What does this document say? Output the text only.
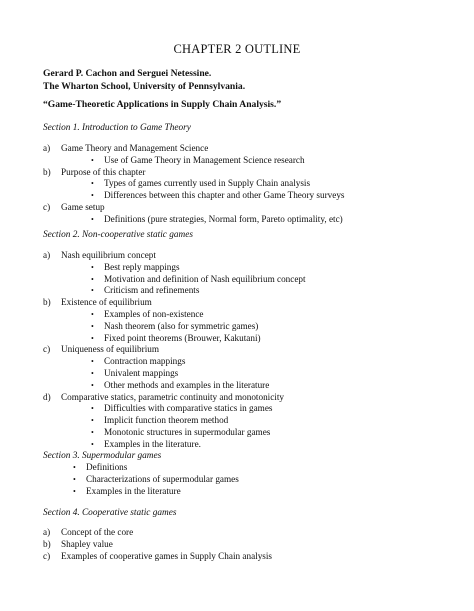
CHAPTER 2 OUTLINE
Gerard P. Cachon and Serguei Netessine.
The Wharton School, University of Pennsylvania.
“Game-Theoretic Applications in Supply Chain Analysis.”
Section 1. Introduction to Game Theory
a) Game Theory and Management Science
• Use of Game Theory in Management Science research
b) Purpose of this chapter
• Types of games currently used in Supply Chain analysis
• Differences between this chapter and other Game Theory surveys
c) Game setup
• Definitions (pure strategies, Normal form, Pareto optimality, etc)
Section 2. Non-cooperative static games
a) Nash equilibrium concept
• Best reply mappings
• Motivation and definition of Nash equilibrium concept
• Criticism and refinements
b) Existence of equilibrium
• Examples of non-existence
• Nash theorem (also for symmetric games)
• Fixed point theorems (Brouwer, Kakutani)
c) Uniqueness of equilibrium
• Contraction mappings
• Univalent mappings
• Other methods and examples in the literature
d) Comparative statics, parametric continuity and monotonicity
• Difficulties with comparative statics in games
• Implicit function theorem method
• Monotonic structures in supermodular games
• Examples in the literature.
Section 3. Supermodular games
• Definitions
• Characterizations of supermodular games
• Examples in the literature
Section 4. Cooperative static games
a) Concept of the core
b) Shapley value
c) Examples of cooperative games in Supply Chain analysis
